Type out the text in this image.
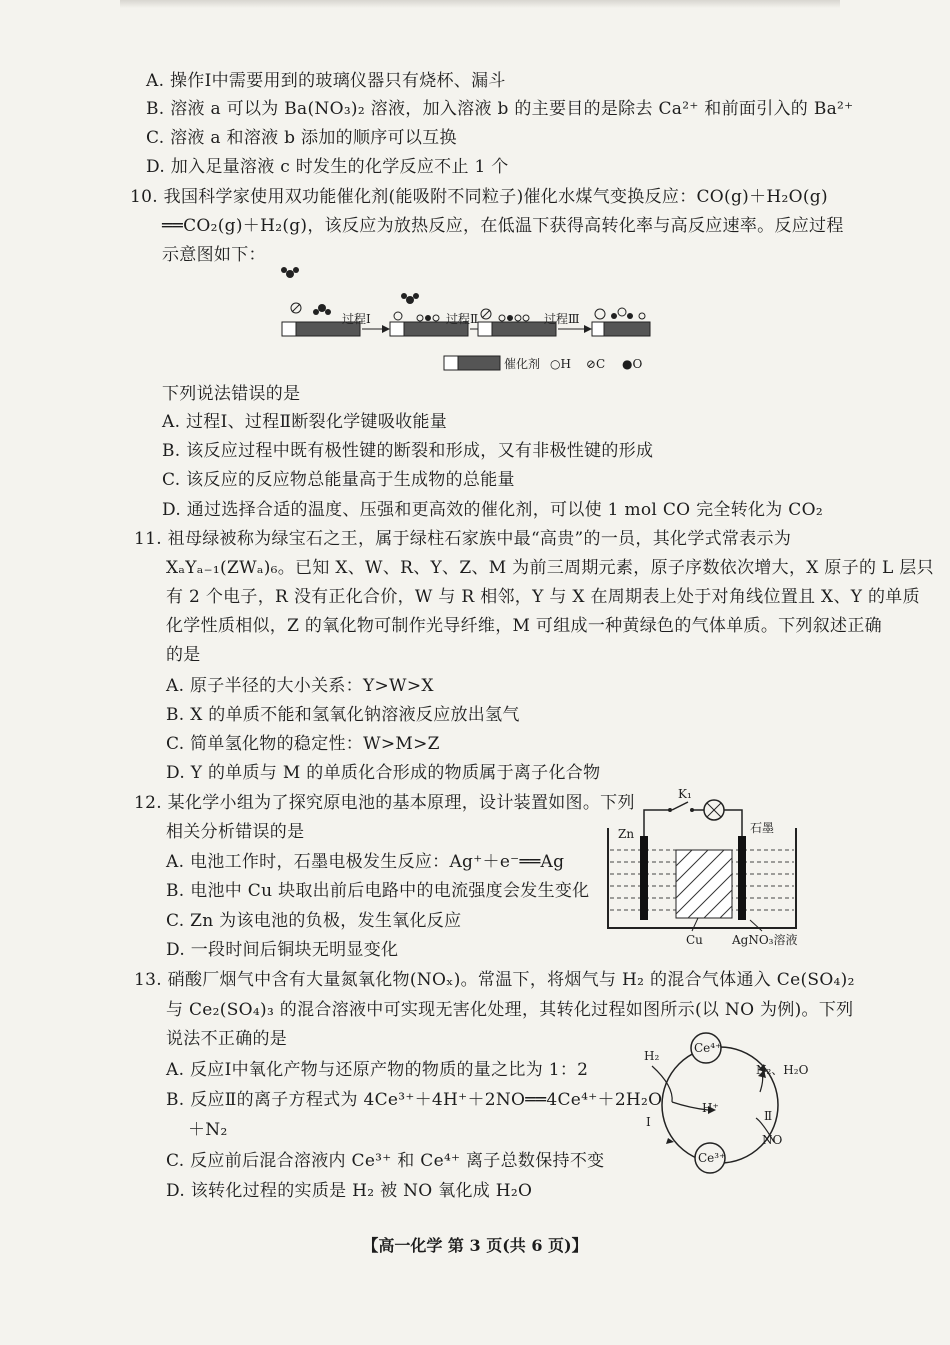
A. 操作Ⅰ中需要用到的玻璃仪器只有烧杯、漏斗
B. 溶液 a 可以为 Ba(NO₃)₂ 溶液，加入溶液 b 的主要目的是除去 Ca²⁺ 和前面引入的 Ba²⁺
C. 溶液 a 和溶液 b 添加的顺序可以互换
D. 加入足量溶液 c 时发生的化学反应不止 1 个
10. 我国科学家使用双功能催化剂(能吸附不同粒子)催化水煤气变换反应：CO(g)＋H₂O(g)
══CO₂(g)＋H₂(g)，该反应为放热反应，在低温下获得高转化率与高反应速率。反应过程
示意图如下：
过程Ⅰ	过程Ⅱ	过程Ⅲ
催化剂 ○H ⊘C ●O
下列说法错误的是
A. 过程Ⅰ、过程Ⅱ断裂化学键吸收能量
B. 该反应过程中既有极性键的断裂和形成，又有非极性键的形成
C. 该反应的反应物总能量高于生成物的总能量
D. 通过选择合适的温度、压强和更高效的催化剂，可以使 1 mol CO 完全转化为 CO₂
11. 祖母绿被称为绿宝石之王，属于绿柱石家族中最“高贵”的一员，其化学式常表示为
XₐYₐ₋₁(ZWₐ)₆。已知 X、W、R、Y、Z、M 为前三周期元素，原子序数依次增大，X 原子的 L 层只
有 2 个电子，R 没有正化合价，W 与 R 相邻，Y 与 X 在周期表上处于对角线位置且 X、Y 的单质
化学性质相似，Z 的氧化物可制作光导纤维，M 可组成一种黄绿色的气体单质。下列叙述正确
的是
A. 原子半径的大小关系：Y>W>X
B. X 的单质不能和氢氧化钠溶液反应放出氢气
C. 简单氢化物的稳定性：W>M>Z
D. Y 的单质与 M 的单质化合形成的物质属于离子化合物
12. 某化学小组为了探究原电池的基本原理，设计装置如图。下列
相关分析错误的是
A. 电池工作时，石墨电极发生反应：Ag⁺＋e⁻══Ag
B. 电池中 Cu 块取出前后电路中的电流强度会发生变化
C. Zn 为该电池的负极，发生氧化反应
D. 一段时间后铜块无明显变化
K₁
Zn	石墨
Cu AgNO₃溶液
13. 硝酸厂烟气中含有大量氮氧化物(NOₓ)。常温下，将烟气与 H₂ 的混合气体通入 Ce(SO₄)₂
与 Ce₂(SO₄)₃ 的混合溶液中可实现无害化处理，其转化过程如图所示(以 NO 为例)。下列
说法不正确的是
A. 反应Ⅰ中氧化产物与还原产物的物质的量之比为 1：2
B. 反应Ⅱ的离子方程式为 4Ce³⁺＋4H⁺＋2NO══4Ce⁴⁺＋2H₂O
＋N₂
C. 反应前后混合溶液内 Ce³⁺ 和 Ce⁴⁺ 离子总数保持不变
D. 该转化过程的实质是 H₂ 被 NO 氧化成 H₂O
Ce⁴⁺
Ce³⁺
H₂
H⁺
N₂、H₂O
NO
Ⅰ	Ⅱ
【高一化学 第 3 页(共 6 页)】
